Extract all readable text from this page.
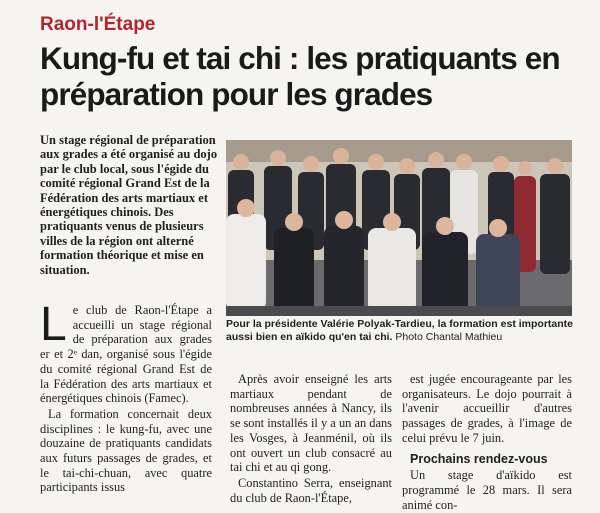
Raon-l'Étape
Kung-fu et tai chi : les pratiquants en préparation pour les grades
Un stage régional de préparation aux grades a été organisé au dojo par le club local, sous l'égide du comité régional Grand Est de la Fédération des arts martiaux et énergétiques chinois. Des pratiquants venus de plusieurs villes de la région ont alterné formation théorique et mise en situation.
Pour la présidente Valérie Polyak-Tardieu, la formation est importante aussi bien en aïkido qu'en tai chi. Photo Chantal Mathieu

Le club de Raon-l'Étape a accueilli un stage régional de préparation aux grades er et 2ᵉ dan, organisé sous l'égide du comité régional Grand Est de la Fédération des arts martiaux et énergétiques chinois (Famec).

La formation concernait deux disciplines : le kung-fu, avec une douzaine de pratiquants candidats aux futurs passages de grades, et le tai-chi-chuan, avec quatre participants issus

Après avoir enseigné les arts martiaux pendant de nombreuses années à Nancy, ils se sont installés il y a un an dans les Vosges, à Jeanménil, où ils ont ouvert un club consacré au tai chi et au qi gong.

Constantino Serra, enseignant du club de Raon-l'Étape,

est jugée encourageante par les organisateurs. Le dojo pourrait à l'avenir accueillir d'autres passages de grades, à l'image de celui prévu le 7 juin.

Prochains rendez-vous

Un stage d'aïkido est programmé le 28 mars. Il sera animé con-
